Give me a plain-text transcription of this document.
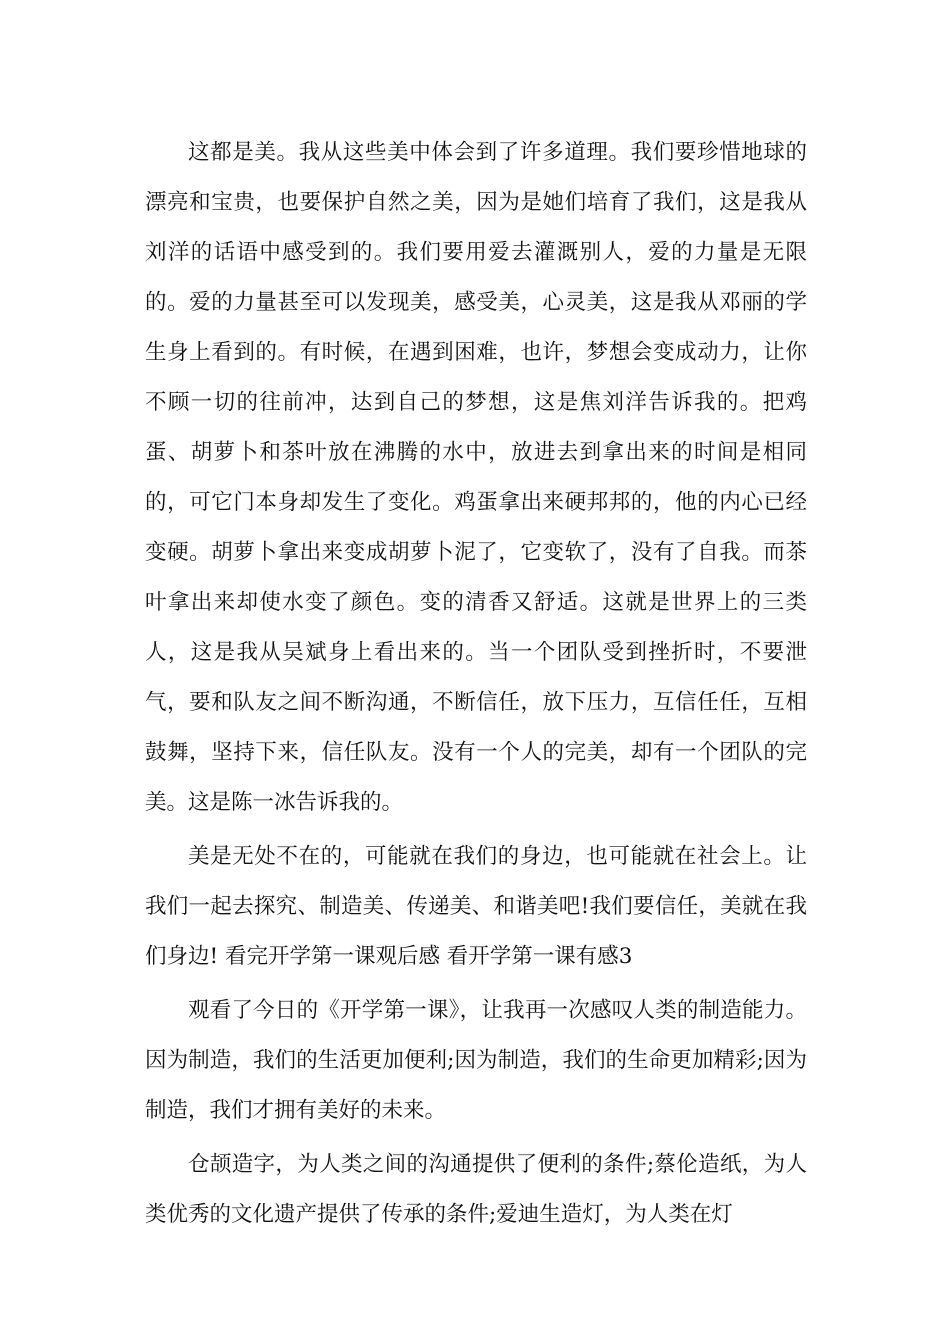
这都是美。我从这些美中体会到了许多道理。我们要珍惜地球的漂亮和宝贵，也要保护自然之美，因为是她们培育了我们，这是我从刘洋的话语中感受到的。我们要用爱去灌溉别人，爱的力量是无限的。爱的力量甚至可以发现美，感受美，心灵美，这是我从邓丽的学生身上看到的。有时候，在遇到困难，也许，梦想会变成动力，让你不顾一切的往前冲，达到自己的梦想，这是焦刘洋告诉我的。把鸡蛋、胡萝卜和茶叶放在沸腾的水中，放进去到拿出来的时间是相同的，可它门本身却发生了变化。鸡蛋拿出来硬邦邦的，他的内心已经变硬。胡萝卜拿出来变成胡萝卜泥了，它变软了，没有了自我。而茶叶拿出来却使水变了颜色。变的清香又舒适。这就是世界上的三类人，这是我从吴斌身上看出来的。当一个团队受到挫折时，不要泄气，要和队友之间不断沟通，不断信任，放下压力，互信任任，互相鼓舞，坚持下来，信任队友。没有一个人的完美，却有一个团队的完美。这是陈一冰告诉我的。

美是无处不在的，可能就在我们的身边，也可能就在社会上。让我们一起去探究、制造美、传递美、和谐美吧!我们要信任，美就在我们身边! 看完开学第一课观后感 看开学第一课有感3

观看了今日的《开学第一课》，让我再一次感叹人类的制造能力。因为制造，我们的生活更加便利;因为制造，我们的生命更加精彩;因为制造，我们才拥有美好的未来。

仓颉造字，为人类之间的沟通提供了便利的条件;蔡伦造纸，为人类优秀的文化遗产提供了传承的条件;爱迪生造灯，为人类在灯
